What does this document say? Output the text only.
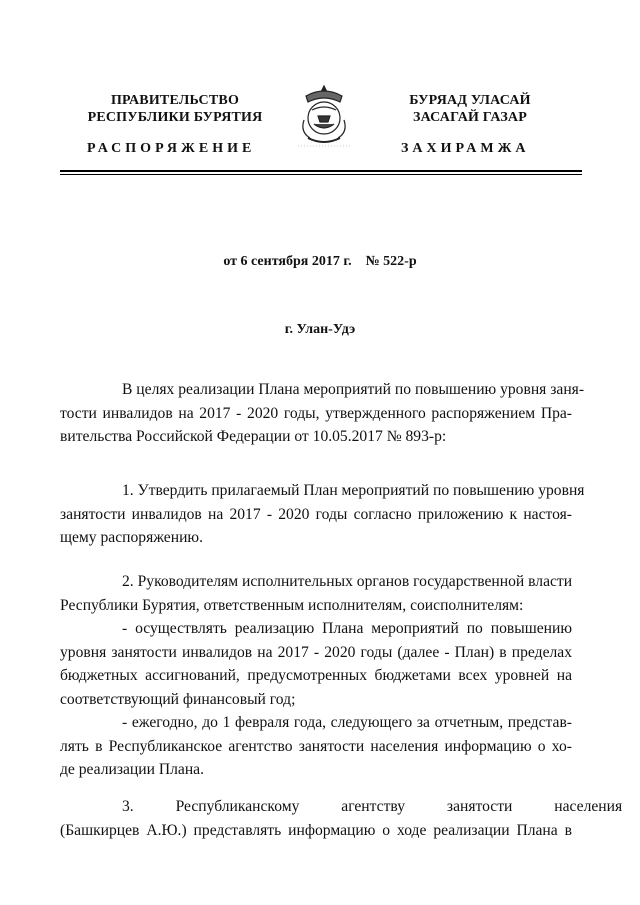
ПРАВИТЕЛЬСТВО
РЕСПУБЛИКИ БУРЯТИЯ
БУРЯАД УЛАСАЙ
ЗАСАГАЙ ГАЗАР
РАСПОРЯЖЕНИЕ	ЗАХИРАМЖА
от 6 сентября 2017 г. № 522-р
г. Улан-Удэ
В целях реализации Плана мероприятий по повышению уровня заня-
тости инвалидов на 2017 - 2020 годы, утвержденного распоряжением Пра-
вительства Российской Федерации от 10.05.2017 № 893-р:
1. Утвердить прилагаемый План мероприятий по повышению уровня
занятости инвалидов на 2017 - 2020 годы согласно приложению к настоя-
щему распоряжению.
2. Руководителям исполнительных органов государственной власти
Республики Бурятия, ответственным исполнителям, соисполнителям:
- осуществлять реализацию Плана мероприятий по повышению
уровня занятости инвалидов на 2017 - 2020 годы (далее - План) в пределах
бюджетных ассигнований, предусмотренных бюджетами всех уровней на
соответствующий финансовый год;
- ежегодно, до 1 февраля года, следующего за отчетным, представ-
лять в Республиканское агентство занятости населения информацию о хо-
де реализации Плана.
3. Республиканскому агентству занятости населения
(Башкирцев А.Ю.) представлять информацию о ходе реализации Плана в
